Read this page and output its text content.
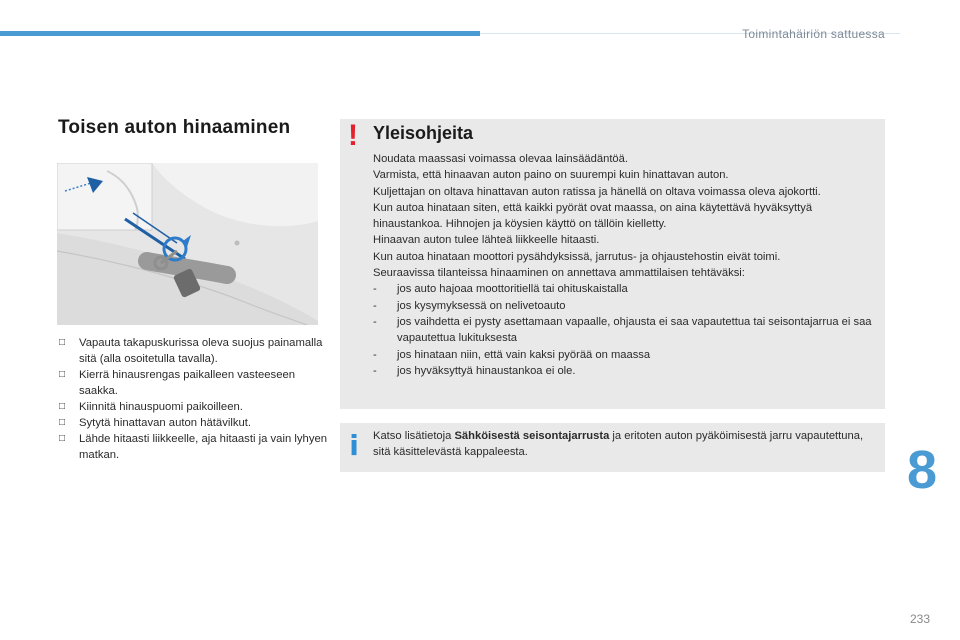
Toimintahäiriön sattuessa
Toisen auton hinaaminen
□ Vapauta takapuskurissa oleva suojus painamalla sitä (alla osoitetulla tavalla).
□ Kierrä hinausrengas paikalleen vasteeseen saakka.
□ Kiinnitä hinauspuomi paikoilleen.
□ Sytytä hinattavan auton hätävilkut.
□ Lähde hitaasti liikkeelle, aja hitaasti ja vain lyhyen matkan.
! Yleisohjeita
Noudata maassasi voimassa olevaa lainsäädäntöä.
Varmista, että hinaavan auton paino on suurempi kuin hinattavan auton.
Kuljettajan on oltava hinattavan auton ratissa ja hänellä on oltava voimassa oleva ajokortti.
Kun autoa hinataan siten, että kaikki pyörät ovat maassa, on aina käytettävä hyväksyttyä hinaustankoa. Hihnojen ja köysien käyttö on tällöin kielletty.
Hinaavan auton tulee lähteä liikkeelle hitaasti.
Kun autoa hinataan moottori pysähdyksissä, jarrutus- ja ohjaustehostin eivät toimi.
Seuraavissa tilanteissa hinaaminen on annettava ammattilaisen tehtäväksi:
- jos auto hajoaa moottoritiellä tai ohituskaistalla
- jos kysymyksessä on nelivetoauto
- jos vaihdetta ei pysty asettamaan vapaalle, ohjausta ei saa vapautettua tai seisontajarrua ei saa vapautettua lukituksesta
- jos hinataan niin, että vain kaksi pyörää on maassa
- jos hyväksyttyä hinaustankoa ei ole.
i	Katso lisätietoja Sähköisestä seisontajarrusta ja eritoten auton pyäköimisestä jarru vapautettuna, sitä käsittelevästä kappaleesta.	8
233
